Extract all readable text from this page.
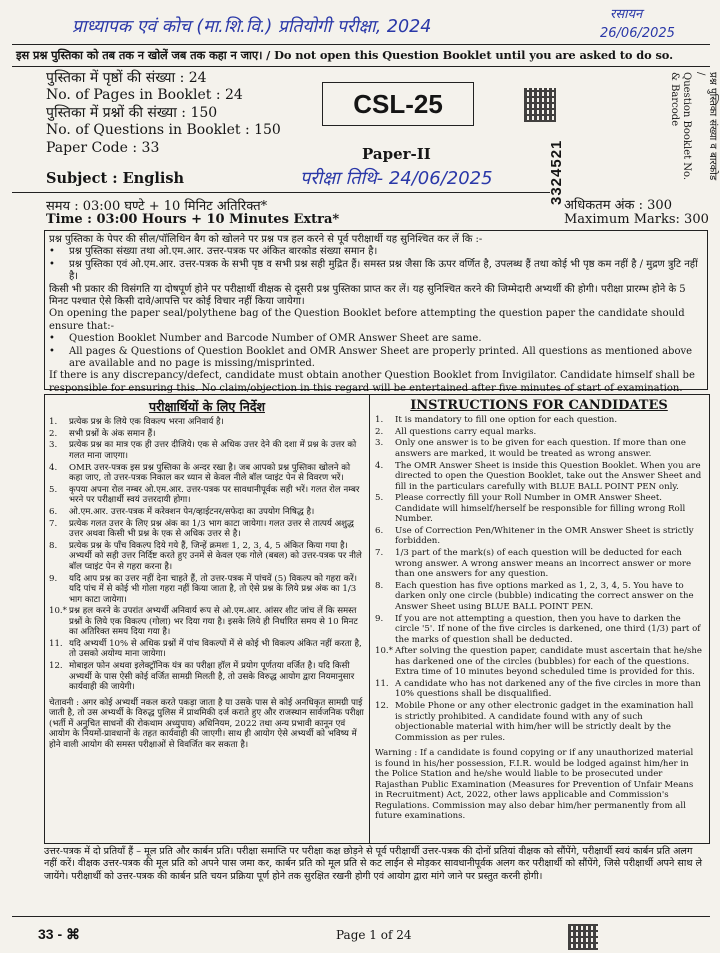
प्राध्यापक एवं कोच (मा.शि.वि.) प्रतियोगी परीक्षा, 2024
रसायन
26/06/2025
इस प्रश्न पुस्तिका को तब तक न खोलें जब तक कहा न जाए। / Do not open this Question Booklet until you are asked to do so.
पुस्तिका में पृष्ठों की संख्या : 24
No. of Pages in Booklet : 24
पुस्तिका में प्रश्नों की संख्या : 150
No. of Questions in Booklet : 150
Paper Code : 33
CSL-25
Paper-II	3324521	प्रश्न पुस्तिका संख्या व बारकोड /
Question Booklet No. & Barcode
Subject : English	परीक्षा तिथि- 24/06/2025
समय : 03:00 घण्टे + 10 मिनिट अतिरिक्त*
Time : 03:00 Hours + 10 Minutes Extra*
अधिकतम अंक : 300
Maximum Marks: 300
प्रश्न पुस्तिका के पेपर की सील/पॉलिथिन बैग को खोलने पर प्रश्न पत्र हल करने से पूर्व परीक्षार्थी यह सुनिश्चित कर लें कि :-
•	प्रश्न पुस्तिका संख्या तथा ओ.एम.आर. उत्तर-पत्रक पर अंकित बारकोड संख्या समान है।
•	प्रश्न पुस्तिका एवं ओ.एम.आर. उत्तर-पत्रक के सभी पृष्ठ व सभी प्रश्न सही मुद्रित हैं। समस्त प्रश्न जैसा कि ऊपर वर्णित है, उपलब्ध हैं तथा कोई भी पृष्ठ कम नहीं है / मुद्रण त्रुटि नहीं है।
किसी भी प्रकार की विसंगति या दोषपूर्ण होने पर परीक्षार्थी वीक्षक से दूसरी प्रश्न पुस्तिका प्राप्त कर लें। यह सुनिश्चित करने की जिम्मेदारी अभ्यर्थी की होगी। परीक्षा प्रारम्भ होने के 5 मिनट पश्चात ऐसे किसी दावे/आपत्ति पर कोई विचार नहीं किया जायेगा।
On opening the paper seal/polythene bag of the Question Booklet before attempting the question paper the candidate should ensure that:-
•	Question Booklet Number and Barcode Number of OMR Answer Sheet are same.
•	All pages & Questions of Question Booklet and OMR Answer Sheet are properly printed. All questions as mentioned above are available and no page is missing/misprinted.
If there is any discrepancy/defect, candidate must obtain another Question Booklet from Invigilator. Candidate himself shall be responsible for ensuring this. No claim/objection in this regard will be entertained after five minutes of start of examination.
परीक्षार्थियों के लिए निर्देश
1.	प्रत्येक प्रश्न के लिये एक विकल्प भरना अनिवार्य है।
2.	सभी प्रश्नों के अंक समान हैं।
3.	प्रत्येक प्रश्न का मात्र एक ही उत्तर दीजिये। एक से अधिक उत्तर देने की दशा में प्रश्न के उत्तर को गलत माना जाएगा।
4.	OMR उत्तर-पत्रक इस प्रश्न पुस्तिका के अन्दर रखा है। जब आपको प्रश्न पुस्तिका खोलने को कहा जाए, तो उत्तर-पत्रक निकाल कर ध्यान से केवल नीले बॉल प्वाइंट पेन से विवरण भरें।
5.	कृपया अपना रोल नम्बर ओ.एम.आर. उत्तर-पत्रक पर सावधानीपूर्वक सही भरें। गलत रोल नम्बर भरने पर परीक्षार्थी स्वयं उत्तरदायी होगा।
6.	ओ.एम.आर. उत्तर-पत्रक में करेक्शन पेन/व्हाईटनर/सफेदा का उपयोग निषिद्ध है।
7.	प्रत्येक गलत उत्तर के लिए प्रश्न अंक का 1/3 भाग काटा जायेगा। गलत उत्तर से तात्पर्य अशुद्ध उत्तर अथवा किसी भी प्रश्न के एक से अधिक उत्तर से है।
8.	प्रत्येक प्रश्न के पाँच विकल्प दिये गये हैं, जिन्हें क्रमशः 1, 2, 3, 4, 5 अंकित किया गया है। अभ्यर्थी को सही उत्तर निर्दिष्ट करते हुए उनमें से केवल एक गोले (बबल) को उत्तर-पत्रक पर नीले बॉल प्वाइंट पेन से गहरा करना है।
9.	यदि आप प्रश्न का उत्तर नहीं देना चाहते हैं, तो उत्तर-पत्रक में पांचवें (5) विकल्प को गहरा करें। यदि पांच में से कोई भी गोला गहरा नहीं किया जाता है, तो ऐसे प्रश्न के लिये प्रश्न अंक का 1/3 भाग काटा जायेगा।
10.* प्रश्न हल करने के उपरांत अभ्यर्थी अनिवार्य रूप से ओ.एम.आर. आंसर शीट जांच लें कि समस्त प्रश्नों के लिये एक विकल्प (गोला) भर दिया गया है। इसके लिये ही निर्धारित समय से 10 मिनट का अतिरिक्त समय दिया गया है।
11. यदि अभ्यर्थी 10% से अधिक प्रश्नों में पांच विकल्पों में से कोई भी विकल्प अंकित नहीं करता है, तो उसको अयोग्य माना जायेगा।
12. मोबाइल फोन अथवा इलेक्ट्रॉनिक यंत्र का परीक्षा हॉल में प्रयोग पूर्णतया वर्जित है। यदि किसी अभ्यर्थी के पास ऐसी कोई वर्जित सामग्री मिलती है, तो उसके विरुद्ध आयोग द्वारा नियमानुसार कार्यवाही की जायेगी।
चेतावनी : अगर कोई अभ्यर्थी नकल करते पकड़ा जाता है या उसके पास से कोई अनधिकृत सामग्री पाई जाती है, तो उस अभ्यर्थी के विरुद्ध पुलिस में प्राथमिकी दर्ज कराते हुए और राजस्थान सार्वजनिक परीक्षा (भर्ती में अनुचित साधनों की रोकथाम अध्युपाय) अधिनियम, 2022 तथा अन्य प्रभावी कानून एवं आयोग के नियमों-प्रावधानों के तहत कार्यवाही की जाएगी। साथ ही आयोग ऐसे अभ्यर्थी को भविष्य में होने वाली आयोग की समस्त परीक्षाओं से विवर्जित कर सकता है।
INSTRUCTIONS FOR CANDIDATES
1.	It is mandatory to fill one option for each question.
2.	All questions carry equal marks.
3.	Only one answer is to be given for each question. If more than one answers are marked, it would be treated as wrong answer.
4.	The OMR Answer Sheet is inside this Question Booklet. When you are directed to open the Question Booklet, take out the Answer Sheet and fill in the particulars carefully with BLUE BALL POINT PEN only.
5.	Please correctly fill your Roll Number in OMR Answer Sheet. Candidate will himself/herself be responsible for filling wrong Roll Number.
6.	Use of Correction Pen/Whitener in the OMR Answer Sheet is strictly forbidden.
7.	1/3 part of the mark(s) of each question will be deducted for each wrong answer. A wrong answer means an incorrect answer or more than one answers for any question.
8.	Each question has five options marked as 1, 2, 3, 4, 5. You have to darken only one circle (bubble) indicating the correct answer on the Answer Sheet using BLUE BALL POINT PEN.
9.	If you are not attempting a question, then you have to darken the circle '5'. If none of the five circles is darkened, one third (1/3) part of the marks of question shall be deducted.
10.* After solving the question paper, candidate must ascertain that he/she has darkened one of the circles (bubbles) for each of the questions. Extra time of 10 minutes beyond scheduled time is provided for this.
11. A candidate who has not darkened any of the five circles in more than 10% questions shall be disqualified.
12. Mobile Phone or any other electronic gadget in the examination hall is strictly prohibited. A candidate found with any of such objectionable material with him/her will be strictly dealt by the Commission as per rules.
Warning : If a candidate is found copying or if any unauthorized material is found in his/her possession, F.I.R. would be lodged against him/her in the Police Station and he/she would liable to be prosecuted under Rajasthan Public Examination (Measures for Prevention of Unfair Means in Recruitment) Act, 2022, other laws applicable and Commission's Regulations. Commission may also debar him/her permanently from all future examinations.
उत्तर-पत्रक में दो प्रतियाँ हैं – मूल प्रति और कार्बन प्रति। परीक्षा समाप्ति पर परीक्षा कक्ष छोड़ने से पूर्व परीक्षार्थी उत्तर-पत्रक की दोनों प्रतियां वीक्षक को सौंपेंगे, परीक्षार्थी स्वयं कार्बन प्रति अलग नहीं करें। वीक्षक उत्तर-पत्रक की मूल प्रति को अपने पास जमा कर, कार्बन प्रति को मूल प्रति से कट लाईन से मोड़कर सावधानीपूर्वक अलग कर परीक्षार्थी को सौंपेंगे, जिसे परीक्षार्थी अपने साथ ले जायेंगे। परीक्षार्थी को उत्तर-पत्रक की कार्बन प्रति चयन प्रक्रिया पूर्ण होने तक सुरक्षित रखनी होगी एवं आयोग द्वारा मांगे जाने पर प्रस्तुत करनी होगी।
33 - ⌘	Page 1 of 24
